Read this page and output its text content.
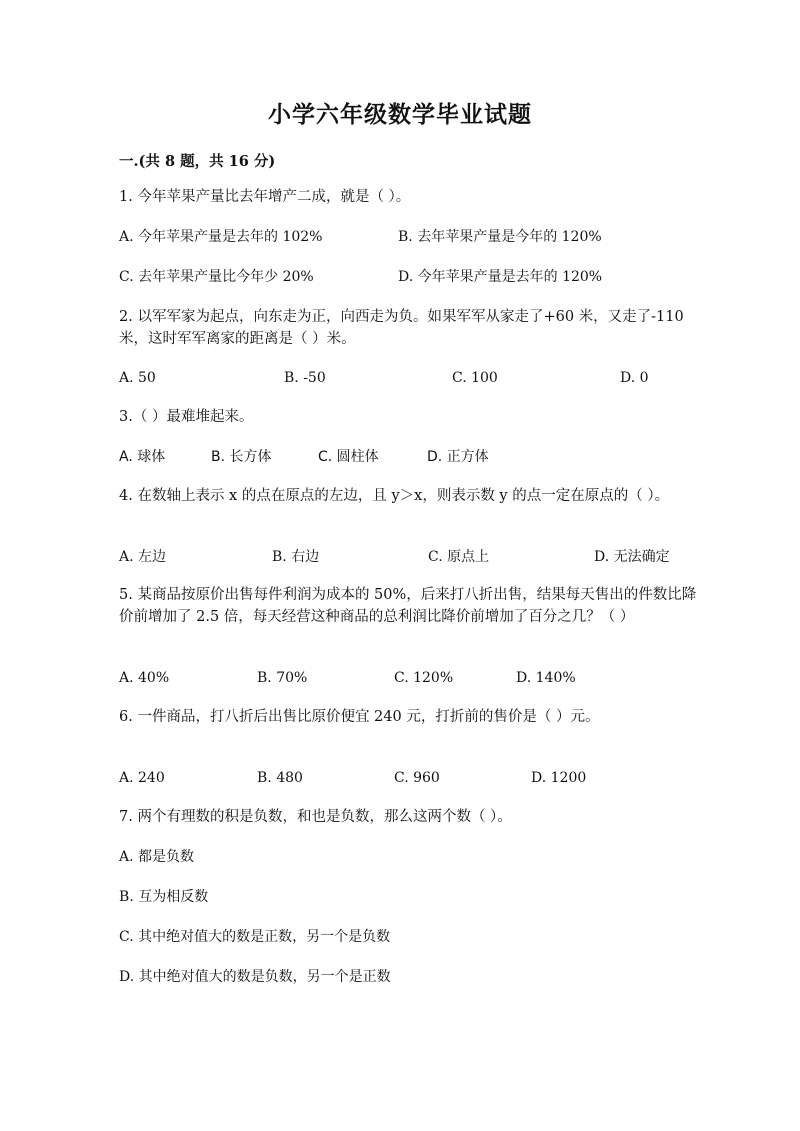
小学六年级数学毕业试题
一.(共 8 题，共 16 分)
1. 今年苹果产量比去年增产二成，就是（ ）。
A. 今年苹果产量是去年的 102%	B. 去年苹果产量是今年的 120%
C. 去年苹果产量比今年少 20%	D. 今年苹果产量是去年的 120%
2. 以军军家为起点，向东走为正，向西走为负。如果军军从家走了+60 米，又走了-110 米，这时军军离家的距离是（ ）米。
A. 50	B. -50	C. 100	D. 0
3.（ ）最难堆起来。
A. 球体	B. 长方体	C. 圆柱体	D. 正方体
4. 在数轴上表示 x 的点在原点的左边，且 y＞x，则表示数 y 的点一定在原点的（ ）。
A. 左边	B. 右边	C. 原点上	D. 无法确定
5. 某商品按原价出售每件利润为成本的 50%，后来打八折出售，结果每天售出的件数比降价前增加了 2.5 倍，每天经营这种商品的总利润比降价前增加了百分之几？（ ）
A. 40%	B. 70%	C. 120%	D. 140%
6. 一件商品，打八折后出售比原价便宜 240 元，打折前的售价是（ ）元。
A. 240	B. 480	C. 960	D. 1200
7. 两个有理数的积是负数，和也是负数，那么这两个数（ ）。
A. 都是负数
B. 互为相反数
C. 其中绝对值大的数是正数，另一个是负数
D. 其中绝对值大的数是负数，另一个是正数
